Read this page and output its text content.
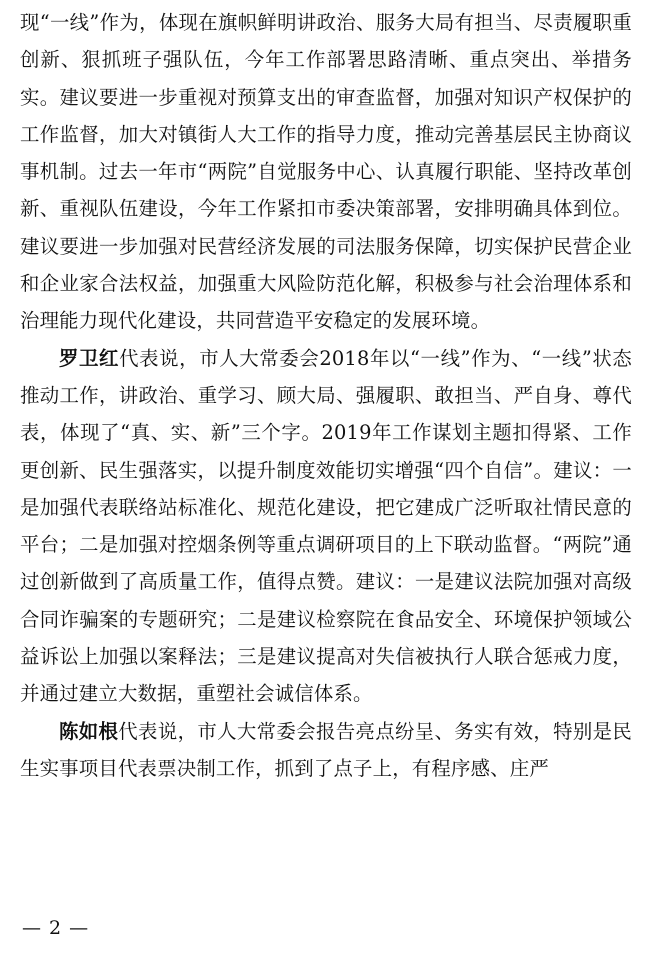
现“一线”作为，体现在旗帜鲜明讲政治、服务大局有担当、尽责履职重创新、狠抓班子强队伍，今年工作部署思路清晰、重点突出、举措务实。建议要进一步重视对预算支出的审查监督，加强对知识产权保护的工作监督，加大对镇街人大工作的指导力度，推动完善基层民主协商议事机制。过去一年市“两院”自觉服务中心、认真履行职能、坚持改革创新、重视队伍建设，今年工作紧扣市委决策部署，安排明确具体到位。建议要进一步加强对民营经济发展的司法服务保障，切实保护民营企业和企业家合法权益，加强重大风险防范化解，积极参与社会治理体系和治理能力现代化建设，共同营造平安稳定的发展环境。

罗卫红代表说，市人大常委会2018年以“一线”作为、“一线”状态推动工作，讲政治、重学习、顾大局、强履职、敢担当、严自身、尊代表，体现了“真、实、新”三个字。2019年工作谋划主题扣得紧、工作更创新、民生强落实，以提升制度效能切实增强“四个自信”。建议：一是加强代表联络站标准化、规范化建设，把它建成广泛听取社情民意的平台；二是加强对控烟条例等重点调研项目的上下联动监督。“两院”通过创新做到了高质量工作，值得点赞。建议：一是建议法院加强对高级合同诈骗案的专题研究；二是建议检察院在食品安全、环境保护领域公益诉讼上加强以案释法；三是建议提高对失信被执行人联合惩戒力度，并通过建立大数据，重塑社会诚信体系。

陈如根代表说，市人大常委会报告亮点纷呈、务实有效，特别是民生实事项目代表票决制工作，抓到了点子上，有程序感、庄严

— 2 —
